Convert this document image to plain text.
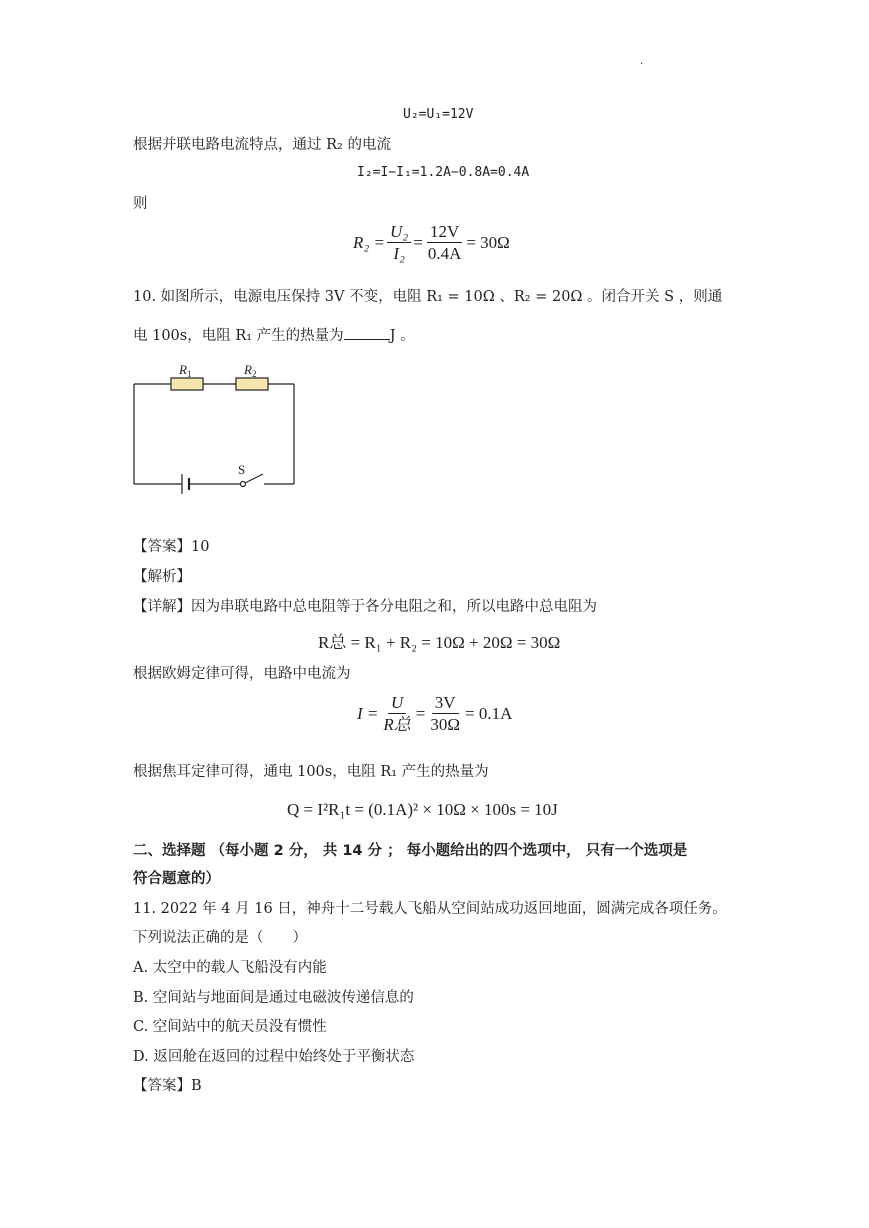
.
U₂=U₁=12V
根据并联电路电流特点，通过 R₂ 的电流
I₂=I−I₁=1.2A−0.8A=0.4A
则
$R_2 = \frac{\text{U₂}}{\text{I₂}} = \frac{12V}{0.4A} = 30\Omega$
10. 如图所示，电源电压保持 3V 不变，电阻 R₁ = 10Ω 、R₂ = 20Ω 。闭合开关 S ，则通
电 100s，电阻 R₁ 产生的热量为	J 。
$R_1$	$R_2$
S
【答案】10
【解析】
【详解】因为串联电路中总电阻等于各分电阻之和，所以电路中总电阻为
R总 = R₁ + R₂ = 10Ω + 20Ω = 30Ω
根据欧姆定律可得，电路中电流为
$I = \frac{U}{\text{R总}} = \frac{3V}{30\Omega} = 0.1A$
根据焦耳定律可得，通电 100s，电阻 R₁ 产生的热量为
Q = I²R₁t = (0.1A)² × 10Ω × 100s = 10J
二、选择题 （每小题 2 分， 共 14 分 ； 每小题给出的四个选项中， 只有一个选项是
符合题意的）
11. 2022 年 4 月 16 日，神舟十二号载人飞船从空间站成功返回地面，圆满完成各项任务。
下列说法正确的是（　　）
A. 太空中的载人飞船没有内能
B. 空间站与地面间是通过电磁波传递信息的
C. 空间站中的航天员没有惯性
D. 返回舱在返回的过程中始终处于平衡状态
【答案】B
